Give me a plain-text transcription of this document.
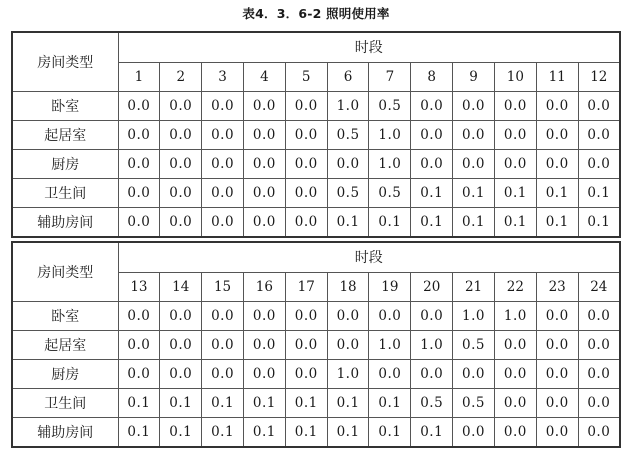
表4．3．6-2 照明使用率
房间类型	时段											
	1	2	3	4	5	6	7	8	9	10	11	12
卧室	0.0	0.0	0.0	0.0	0.0	1.0	0.5	0.0	0.0	0.0	0.0	0.0
起居室	0.0	0.0	0.0	0.0	0.0	0.5	1.0	0.0	0.0	0.0	0.0	0.0
厨房	0.0	0.0	0.0	0.0	0.0	0.0	1.0	0.0	0.0	0.0	0.0	0.0
卫生间	0.0	0.0	0.0	0.0	0.0	0.5	0.5	0.1	0.1	0.1	0.1	0.1
辅助房间	0.0	0.0	0.0	0.0	0.0	0.1	0.1	0.1	0.1	0.1	0.1	0.1
房间类型	时段											
	13	14	15	16	17	18	19	20	21	22	23	24
卧室	0.0	0.0	0.0	0.0	0.0	0.0	0.0	0.0	1.0	1.0	0.0	0.0
起居室	0.0	0.0	0.0	0.0	0.0	0.0	1.0	1.0	0.5	0.0	0.0	0.0
厨房	0.0	0.0	0.0	0.0	0.0	1.0	0.0	0.0	0.0	0.0	0.0	0.0
卫生间	0.1	0.1	0.1	0.1	0.1	0.1	0.1	0.5	0.5	0.0	0.0	0.0
辅助房间	0.1	0.1	0.1	0.1	0.1	0.1	0.1	0.1	0.0	0.0	0.0	0.0
